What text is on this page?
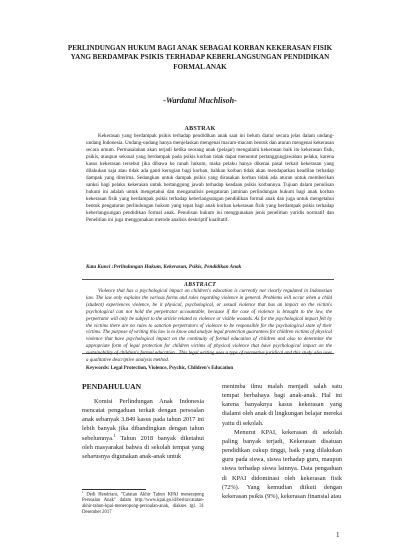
PERLINDUNGAN HUKUM BAGI ANAK SEBAGAI KORBAN KEKERASAN FISIK YANG BERDAMPAK PSIKIS TERHADAP KEBERLANGSUNGAN PENDIDIKAN FORMAL ANAK
-Wardatul Muchlisoh-
ABSTRAK

Kekerasan yang berdampak psikis terhadap pendidikan anak saat ini belum diatur secara jelas dalam undang-undang Indonesia. Undang-undang hanya menjelaskan mengenai macam-macam bentuk dan aturan mengenai kekerasan secara umum. Permasalahan akan terjadi ketika seorang anak (pelajar) mengalami kekerasan baik itu kekerasan fisik, psikis, ataupun seksual yang berdampak pada psikis korban tidak dapat menuntut pertanggungjawaban pelaku, karena kasus kekerasan tersebut jika dibawa ke ranah hukum, maka pelaku hanya dikenai pasal terkait kekerasan yang dilakukan saja atau tidak ada ganti kerugian bagi korban, bahkan korban tidak akan mendapatkan keadilan terhadap dampak yang diterima. Sedangkan untuk dampak psikis yang dirasakan korban tidak ada aturan untuk memberikan sanksi bagi pelaku kekerasan untuk bertanggung jawab terhadap keadaan psikis korbannya. Tujuan dalam penulisan hukum ini adalah untuk mengetahui dan menganalisis pengaturan jaminan perlindungan hukum bagi anak korban kekerasan fisik yang berdampak psikis terhadap keberlangsungan pendidikan formal anak dan juga untuk mengetahui bentuk pengaturan perlindungan hukum yang tepat bagi anak korban kekerasan fisik yang berdampak psikis terhadap keberlangsungan pendidikan formal anak. Penulisan hukum ini menggunakan jenis penelitian yuridis normatif dan Penelitian ini juga menggunakan metode analisis deskriptif kualitatif.

Kata Kunci :Perlindungan Hukum, Kekerasan, Psikis, Pendidikan Anak
ABSTRACT

Violence that has a psychological impact on children's education is currently not clearly regulated in Indonesian law. The law only explains the various forms and rules regarding violence in general. Problems will occur when a child (student) experiences violence, be it physical, psychological, or sexual violence that has an impact on the victim's psychological can not hold the perpetrator accountable, because if the case of violence is brought to the law, the perpetrator will only be subject to the article related to violence or visible wounds. As for the psychological impact felt by the victims there are no rules to sanction perpetrators of violence to be responsible for the psychological state of their victims. The purpose of writing this law is to know and analyze legal protection guarantees for children victims of physical violence that have psychological impact on the continuity of formal education of children and also to determine the appropriate form of legal protection for children victims of physical violence that have psychological impact on the sustainability of children's formal education . This legal writing uses a type of normative juridical and this study also uses a qualitative descriptive analysis method.

Keywords: Legal Protection, Violence, Psychic, Children's Education
PENDAHULUAN

Komisi Perlindungan Anak Indonesia mencatat pengaduan terkait dengan persoalan anak sebanyak 3.849 kasus pada tahun 2017 ini lebih banyak jika dibandingkan dengan tahun sebelumnya.$^1$ Tahun 2018 banyak diketahui oleh masyarakat bahwa di sekolah tempat yang seharusnya digunakan anak-anak untuk

$^1$ Dedi Hendriani, "Catatan Akhir Tahun KPAI menerapong Persoalan Anak" dalam http://www.kpai.go.id/berita/catatan-akhir-tahun-kpai-meneropong-persoalan-anak, diakses tgl. 31 Desember 2017

menimba ilmu malah menjadi salah satu tempat berbahaya bagi anak-anak. Hal ini karena banyaknya kasus kekerasan yang dialami oleh anak di lingkungan belajar mereka yaitu di sekolah.

Menurut KPAI, kekerasan di sekolah paling banyak terjadi, Kekerasan disatuan pendidikan cukup tinggi, baik yang dilakukan guru pada siswa, siswa terhadap guru, maupun siswa terhadap siswa lainnya. Data pengaduan di KPAI didominasi oleh kekerasan fisik (72%). Yang kemudian diikuti dengan kekerasan psikis (9%), kekerasan finansial atau

1
